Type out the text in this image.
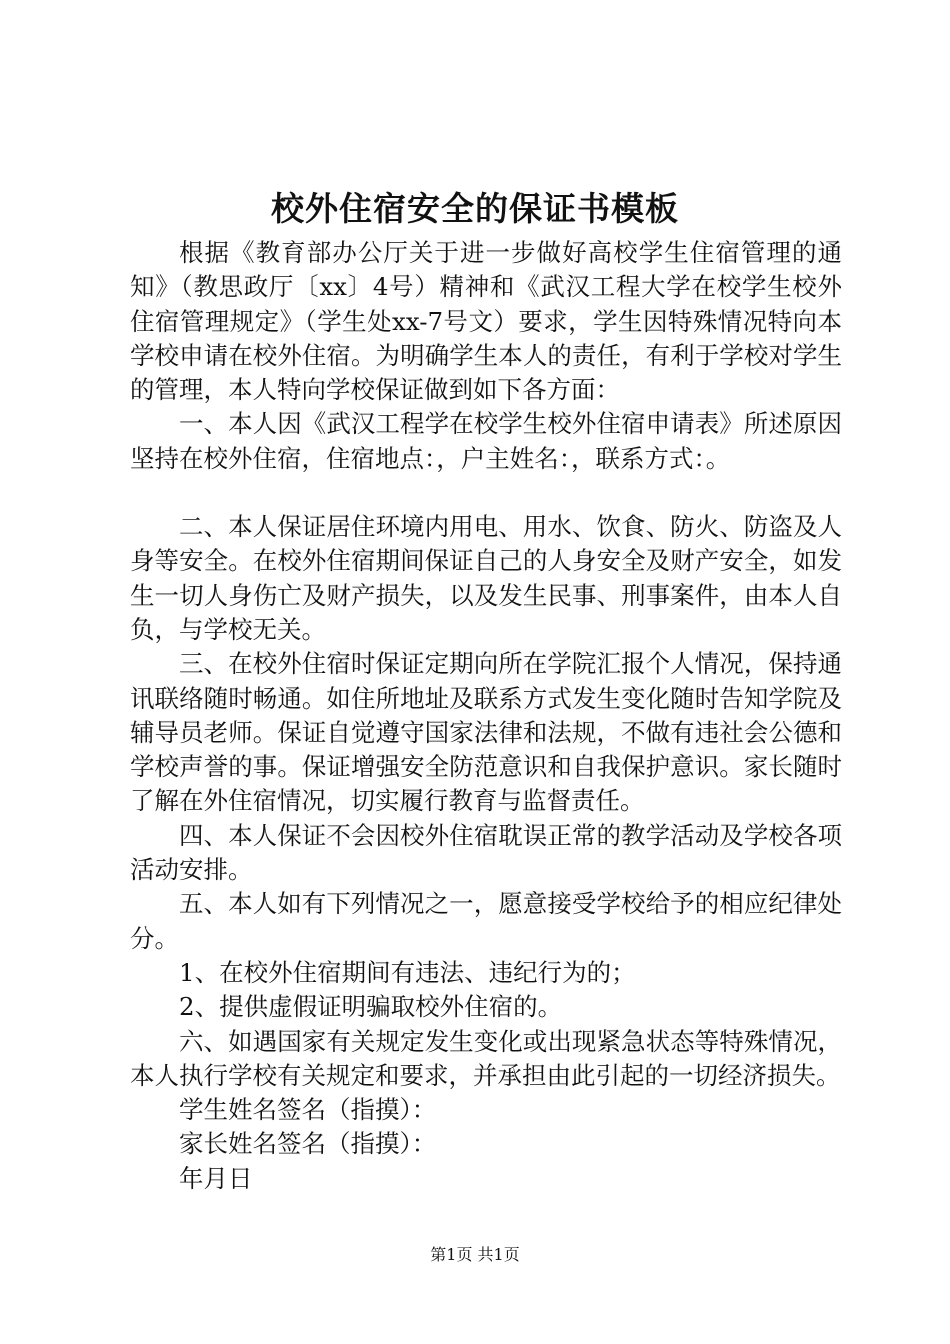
校外住宿安全的保证书模板

根据《教育部办公厅关于进一步做好高校学生住宿管理的通知》（教思政厅〔xx〕4号）精神和《武汉工程大学在校学生校外住宿管理规定》（学生处xx-7号文）要求，学生因特殊情况特向本学校申请在校外住宿。为明确学生本人的责任，有利于学校对学生的管理，本人特向学校保证做到如下各方面：

一、本人因《武汉工程学在校学生校外住宿申请表》所述原因坚持在校外住宿，住宿地点：，户主姓名：，联系方式：。

二、本人保证居住环境内用电、用水、饮食、防火、防盗及人身等安全。在校外住宿期间保证自己的人身安全及财产安全，如发生一切人身伤亡及财产损失，以及发生民事、刑事案件，由本人自负，与学校无关。

三、在校外住宿时保证定期向所在学院汇报个人情况，保持通讯联络随时畅通。如住所地址及联系方式发生变化随时告知学院及辅导员老师。保证自觉遵守国家法律和法规，不做有违社会公德和学校声誉的事。保证增强安全防范意识和自我保护意识。家长随时了解在外住宿情况，切实履行教育与监督责任。

四、本人保证不会因校外住宿耽误正常的教学活动及学校各项活动安排。

五、本人如有下列情况之一，愿意接受学校给予的相应纪律处分。

1、在校外住宿期间有违法、违纪行为的；

2、提供虚假证明骗取校外住宿的。

六、如遇国家有关规定发生变化或出现紧急状态等特殊情况，本人执行学校有关规定和要求，并承担由此引起的一切经济损失。

学生姓名签名（指摸）：

家长姓名签名（指摸）：

年月日

第1页 共1页
